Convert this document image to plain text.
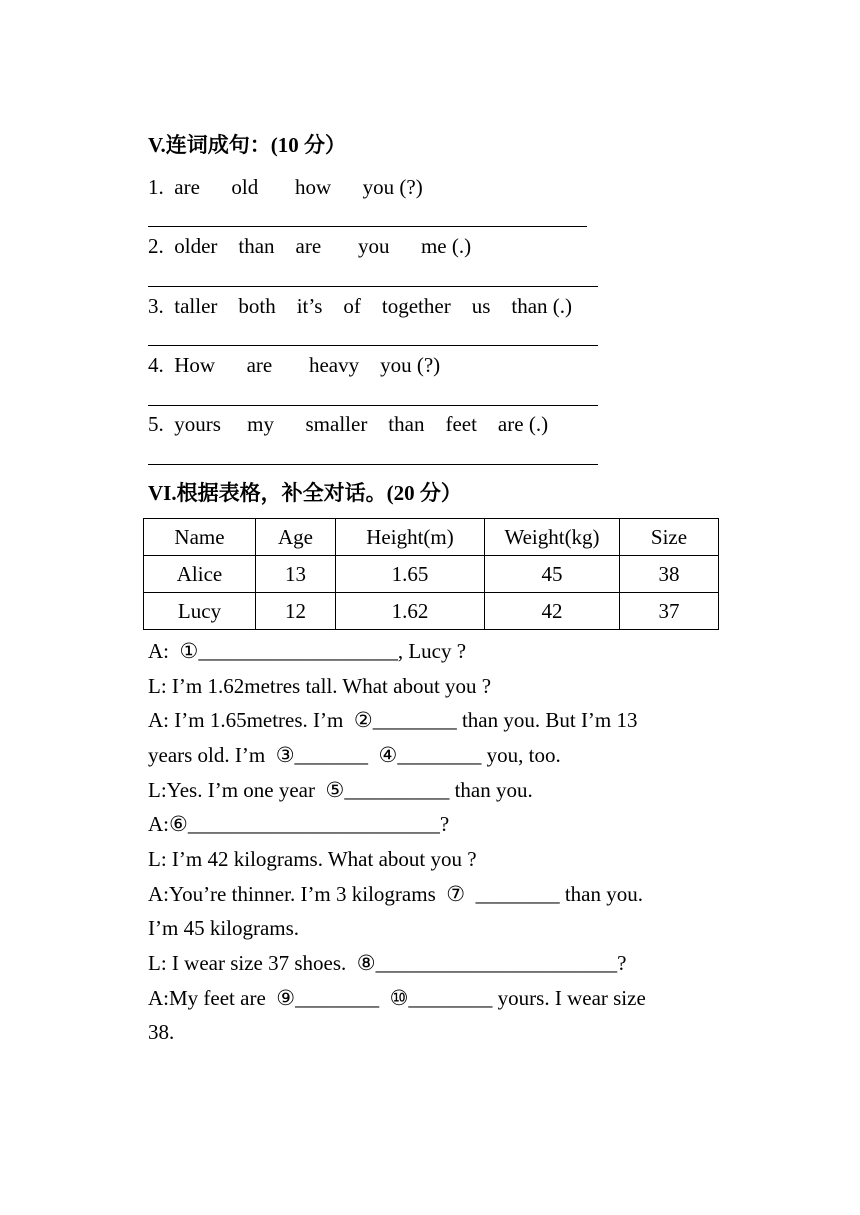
V.连词成句：(10 分）
1.  are      old       how      you (?)
2.  older    than    are       you      me (.)
3.  taller    both    it’s    of    together    us    than (.)
4.  How      are       heavy    you (?)
5.  yours     my      smaller    than    feet    are (.)
VI.根据表格，补全对话。(20 分）
Name	Age	Height(m)	Weight(kg)	Size
Alice	13	1.65	45	38
Lucy	12	1.62	42	37
A:  ①___________________, Lucy ?
L: I’m 1.62metres tall. What about you ?
A: I’m 1.65metres. I’m  ②________ than you. But I’m 13
years old. I’m  ③_______  ④________ you, too.
L:Yes. I’m one year  ⑤__________ than you.
A:⑥________________________?
L: I’m 42 kilograms. What about you ?
A:You’re thinner. I’m 3 kilograms  ⑦  ________ than you.
I’m 45 kilograms.
L: I wear size 37 shoes.  ⑧_______________________?
A:My feet are  ⑨________  ⑩________ yours. I wear size
38.
